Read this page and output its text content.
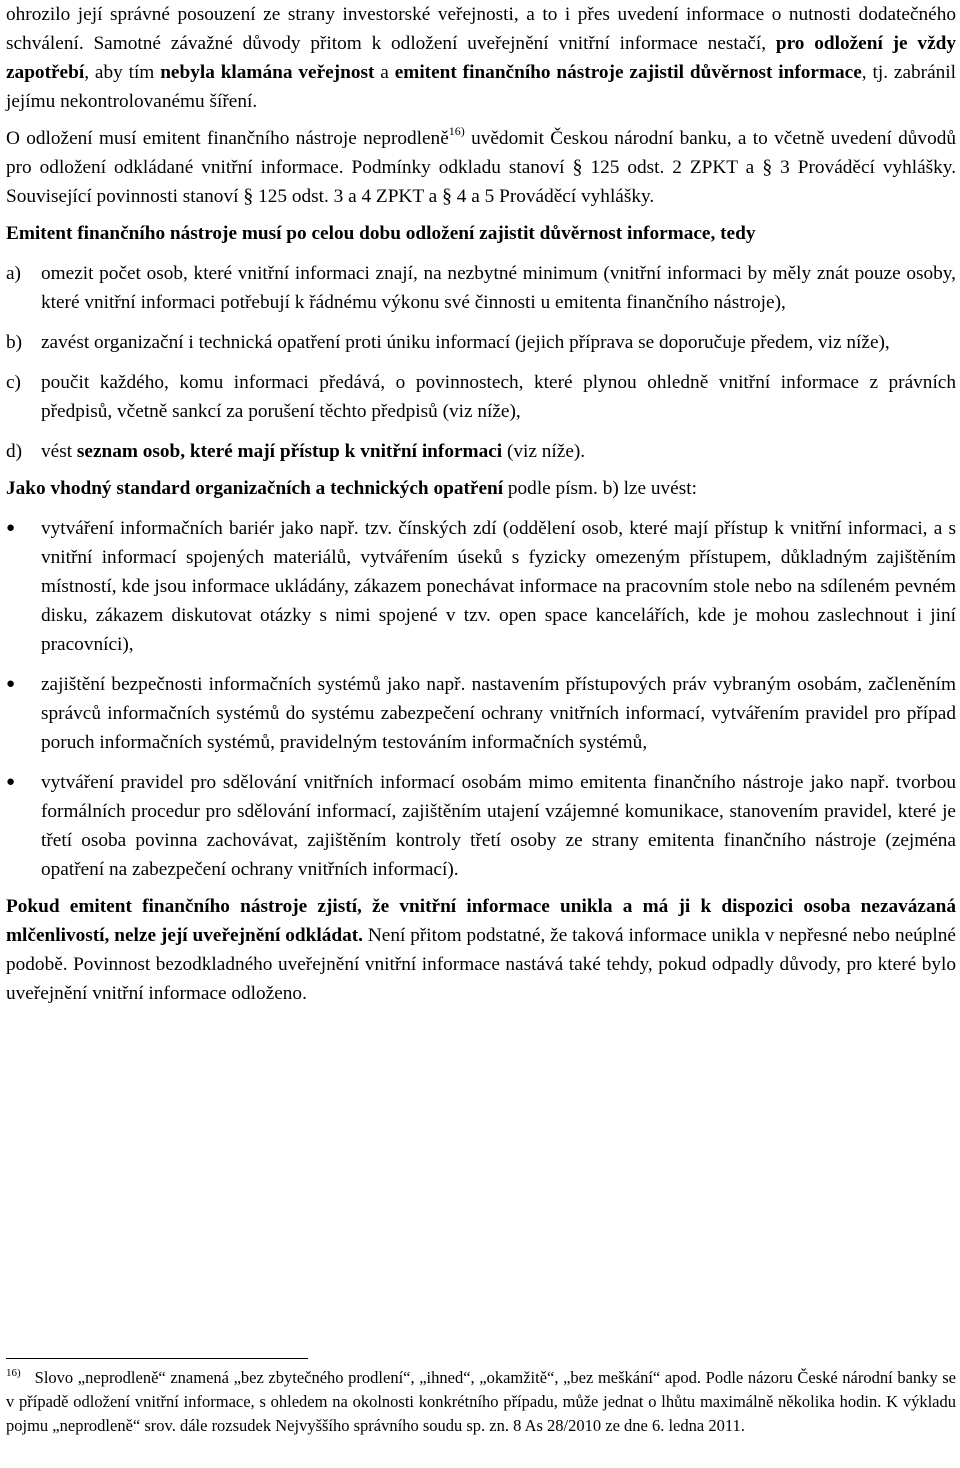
ohrozilo její správné posouzení ze strany investorské veřejnosti, a to i přes uvedení informace o nutnosti dodatečného schválení. Samotné závažné důvody přitom k odložení uveřejnění vnitřní informace nestačí, pro odložení je vždy zapotřebí, aby tím nebyla klamána veřejnost a emitent finančního nástroje zajistil důvěrnost informace, tj. zabránil jejímu nekontrolovanému šíření.

O odložení musí emitent finančního nástroje neprodleně$^{16)}$ uvědomit Českou národní banku, a to včetně uvedení důvodů pro odložení odkládané vnitřní informace. Podmínky odkladu stanoví § 125 odst. 2 ZPKT a § 3 Prováděcí vyhlášky. Související povinnosti stanoví § 125 odst. 3 a 4 ZPKT a § 4 a 5 Prováděcí vyhlášky.

Emitent finančního nástroje musí po celou dobu odložení zajistit důvěrnost informace, tedy

a)	omezit počet osob, které vnitřní informaci znají, na nezbytné minimum (vnitřní informaci by měly znát pouze osoby, které vnitřní informaci potřebují k řádnému výkonu své činnosti u emitenta finančního nástroje),
b) zavést organizační i technická opatření proti úniku informací (jejich příprava se doporučuje předem, viz níže),
c)	poučit každého, komu informaci předává, o povinnostech, které plynou ohledně vnitřní informace z právních předpisů, včetně sankcí za porušení těchto předpisů (viz níže),
d) vést seznam osob, které mají přístup k vnitřní informaci (viz níže).

Jako vhodný standard organizačních a technických opatření podle písm. b) lze uvést:

●	vytváření informačních bariér jako např. tzv. čínských zdí (oddělení osob, které mají přístup k vnitřní informaci, a s vnitřní informací spojených materiálů, vytvářením úseků s fyzicky omezeným přístupem, důkladným zajištěním místností, kde jsou informace ukládány, zákazem ponechávat informace na pracovním stole nebo na sdíleném pevném disku, zákazem diskutovat otázky s nimi spojené v tzv. open space kancelářích, kde je mohou zaslechnout i jiní pracovníci),
●	zajištění bezpečnosti informačních systémů jako např. nastavením přístupových práv vybraným osobám, začleněním správců informačních systémů do systému zabezpečení ochrany vnitřních informací, vytvářením pravidel pro případ poruch informačních systémů, pravidelným testováním informačních systémů,
●	vytváření pravidel pro sdělování vnitřních informací osobám mimo emitenta finančního nástroje jako např. tvorbou formálních procedur pro sdělování informací, zajištěním utajení vzájemné komunikace, stanovením pravidel, které je třetí osoba povinna zachovávat, zajištěním kontroly třetí osoby ze strany emitenta finančního nástroje (zejména opatření na zabezpečení ochrany vnitřních informací).

Pokud emitent finančního nástroje zjistí, že vnitřní informace unikla a má ji k dispozici osoba nezavázaná mlčenlivostí, nelze její uveřejnění odkládat. Není přitom podstatné, že taková informace unikla v nepřesné nebo neúplné podobě. Povinnost bezodkladného uveřejnění vnitřní informace nastává také tehdy, pokud odpadly důvody, pro které bylo uveřejnění vnitřní informace odloženo.

$^{16)}$ Slovo „neprodleně“ znamená „bez zbytečného prodlení“, „ihned“, „okamžitě“, „bez meškání“ apod. Podle názoru České národní banky se v případě odložení vnitřní informace, s ohledem na okolnosti konkrétního případu, může jednat o lhůtu maximálně několika hodin. K výkladu pojmu „neprodleně“ srov. dále rozsudek Nejvyššího správního soudu sp. zn. 8 As 28/2010 ze dne 6. ledna 2011.
